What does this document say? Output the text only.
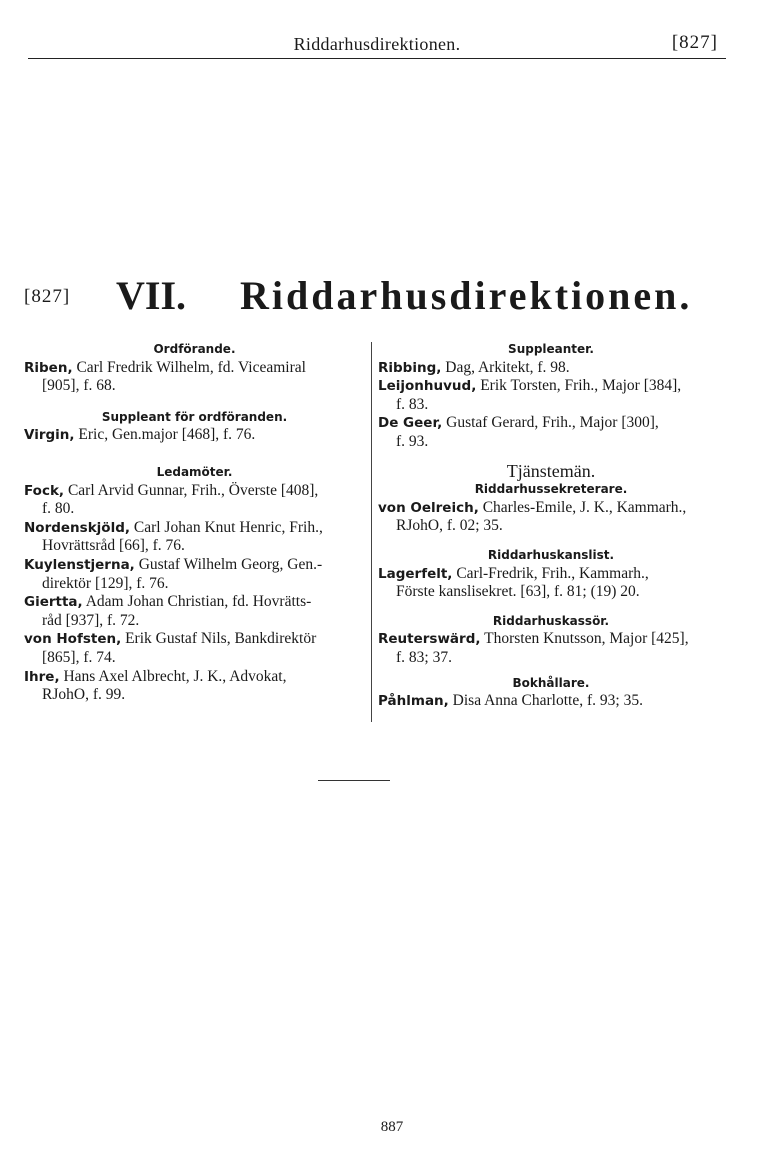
Riddarhusdirektionen.	[827]
[827] VII. Riddarhusdirektionen.

Ordförande.

Riben, Carl Fredrik Wilhelm, fd. Viceamiral
[905], f. 68.

Suppleant för ordföranden.

Virgin, Eric, Gen.major [468], f. 76.

Ledamöter.

Fock, Carl Arvid Gunnar, Frih., Överste [408],
f. 80.
Nordenskjöld, Carl Johan Knut Henric, Frih.,
Hovrättsråd [66], f. 76.
Kuylenstjerna, Gustaf Wilhelm Georg, Gen.-
direktör [129], f. 76.
Giertta, Adam Johan Christian, fd. Hovrätts-
råd [937], f. 72.
von Hofsten, Erik Gustaf Nils, Bankdirektör
[865], f. 74.
Ihre, Hans Axel Albrecht, J. K., Advokat,
RJohO, f. 99.

Suppleanter.

Ribbing, Dag, Arkitekt, f. 98.
Leijonhuvud, Erik Torsten, Frih., Major [384],
f. 83.
De Geer, Gustaf Gerard, Frih., Major [300],
f. 93.

Tjänstemän.

Riddarhussekreterare.

von Oelreich, Charles-Emile, J. K., Kammarh.,
RJohO, f. 02; 35.

Riddarhuskanslist.

Lagerfelt, Carl-Fredrik, Frih., Kammarh.,
Förste kanslisekret. [63], f. 81; (19) 20.

Riddarhuskassör.

Reuterswärd, Thorsten Knutsson, Major [425],
f. 83; 37.

Bokhållare.

Påhlman, Disa Anna Charlotte, f. 93; 35.
887
